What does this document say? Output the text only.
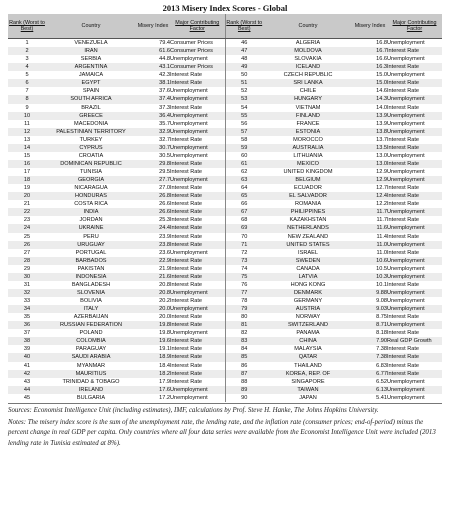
2013 Misery Index Scores - Global
Rank (Worst to Best)	Country	Misery Index	Major Contributing Factor	Rank (Worst to Best)	Country	Misery Index	Major Contributing Factor
1	VENEZUELA	79.4	Consumer Prices	46	ALGERIA	16.8	Unemployment
2	IRAN	61.6	Consumer Prices	47	MOLDOVA	16.7	Interest Rate
3	SERBIA	44.8	Unemployment	48	SLOVAKIA	16.6	Unemployment
4	ARGENTINA	43.1	Consumer Prices	49	ICELAND	16.3	Interest Rate
5	JAMAICA	42.3	Interest Rate	50	CZECH REPUBLIC	15.0	Unemployment
6	EGYPT	38.1	Interest Rate	51	SRI LANKA	15.0	Interest Rate
7	SPAIN	37.6	Unemployment	52	CHILE	14.6	Interest Rate
8	SOUTH AFRICA	37.4	Unemployment	53	HUNGARY	14.3	Unemployment
9	BRAZIL	37.3	Interest Rate	54	VIETNAM	14.0	Interest Rate
10	GREECE	36.4	Unemployment	55	FINLAND	13.9	Unemployment
11	MACEDONIA	35.7	Unemployment	56	FRANCE	13.9	Unemployment
12	PALESTINIAN TERRITORY	32.9	Unemployment	57	ESTONIA	13.8	Unemployment
13	TURKEY	32.7	Interest Rate	58	MOROCCO	13.7	Interest Rate
14	CYPRUS	30.7	Unemployment	59	AUSTRALIA	13.5	Interest Rate
15	CROATIA	30.5	Unemployment	60	LITHUANIA	13.0	Unemployment
16	DOMINICAN REPUBLIC	29.8	Interest Rate	61	MEXICO	13.0	Interest Rate
17	TUNISIA	29.5	Interest Rate	62	UNITED KINGDOM	12.9	Unemployment
18	GEORGIA	27.7	Unemployment	63	BELGIUM	12.9	Unemployment
19	NICARAGUA	27.0	Interest Rate	64	ECUADOR	12.7	Interest Rate
20	HONDURAS	26.8	Interest Rate	65	EL SALVADOR	12.4	Interest Rate
21	COSTA RICA	26.6	Interest Rate	66	ROMANIA	12.2	Interest Rate
22	INDIA	26.6	Interest Rate	67	PHILIPPINES	11.7	Unemployment
23	JORDAN	25.3	Interest Rate	68	KAZAKHSTAN	11.7	Interest Rate
24	UKRAINE	24.4	Interest Rate	69	NETHERLANDS	11.6	Unemployment
25	PERU	23.9	Interest Rate	70	NEW ZEALAND	11.4	Interest Rate
26	URUGUAY	23.8	Interest Rate	71	UNITED STATES	11.0	Unemployment
27	PORTUGAL	23.6	Unemployment	72	ISRAEL	11.0	Interest Rate
28	BARBADOS	22.9	Interest Rate	73	SWEDEN	10.6	Unemployment
29	PAKISTAN	21.9	Interest Rate	74	CANADA	10.5	Unemployment
30	INDONESIA	21.6	Interest Rate	75	LATVIA	10.3	Unemployment
31	BANGLADESH	20.8	Interest Rate	76	HONG KONG	10.1	Interest Rate
32	SLOVENIA	20.8	Unemployment	77	DENMARK	9.88	Unemployment
33	BOLIVIA	20.2	Interest Rate	78	GERMANY	9.08	Unemployment
34	ITALY	20.0	Unemployment	79	AUSTRIA	9.03	Unemployment
35	AZERBAIJAN	20.0	Interest Rate	80	NORWAY	8.75	Interest Rate
36	RUSSIAN FEDERATION	19.8	Interest Rate	81	SWITZERLAND	8.71	Unemployment
37	POLAND	19.8	Unemployment	82	PANAMA	8.18	Interest Rate
38	COLOMBIA	19.6	Interest Rate	83	CHINA	7.90	Real GDP Growth
39	PARAGUAY	19.1	Interest Rate	84	MALAYSIA	7.38	Interest Rate
40	SAUDI ARABIA	18.9	Interest Rate	85	QATAR	7.38	Interest Rate
41	MYANMAR	18.4	Interest Rate	86	THAILAND	6.83	Interest Rate
42	MAURITIUS	18.2	Interest Rate	87	KOREA, REP. OF	6.77	Interest Rate
43	TRINIDAD & TOBAGO	17.9	Interest Rate	88	SINGAPORE	6.52	Unemployment
44	IRELAND	17.6	Unemployment	89	TAIWAN	6.13	Unemployment
45	BULGARIA	17.2	Unemployment	90	JAPAN	5.41	Unemployment

Sources: Economist Intelligence Unit (including estimates), IMF, calculations by Prof. Steve H. Hanke, The Johns Hopkins University.

Notes: The misery index score is the sum of the unemployment rate, the lending rate, and the inflation rate (consumer prices; end-of-period) minus the percent change in real GDP per capita. Only countries where all four data series were available from the Economist Intelligence Unit were included (2013 lending rate in Tunisia estimated at 8%).
